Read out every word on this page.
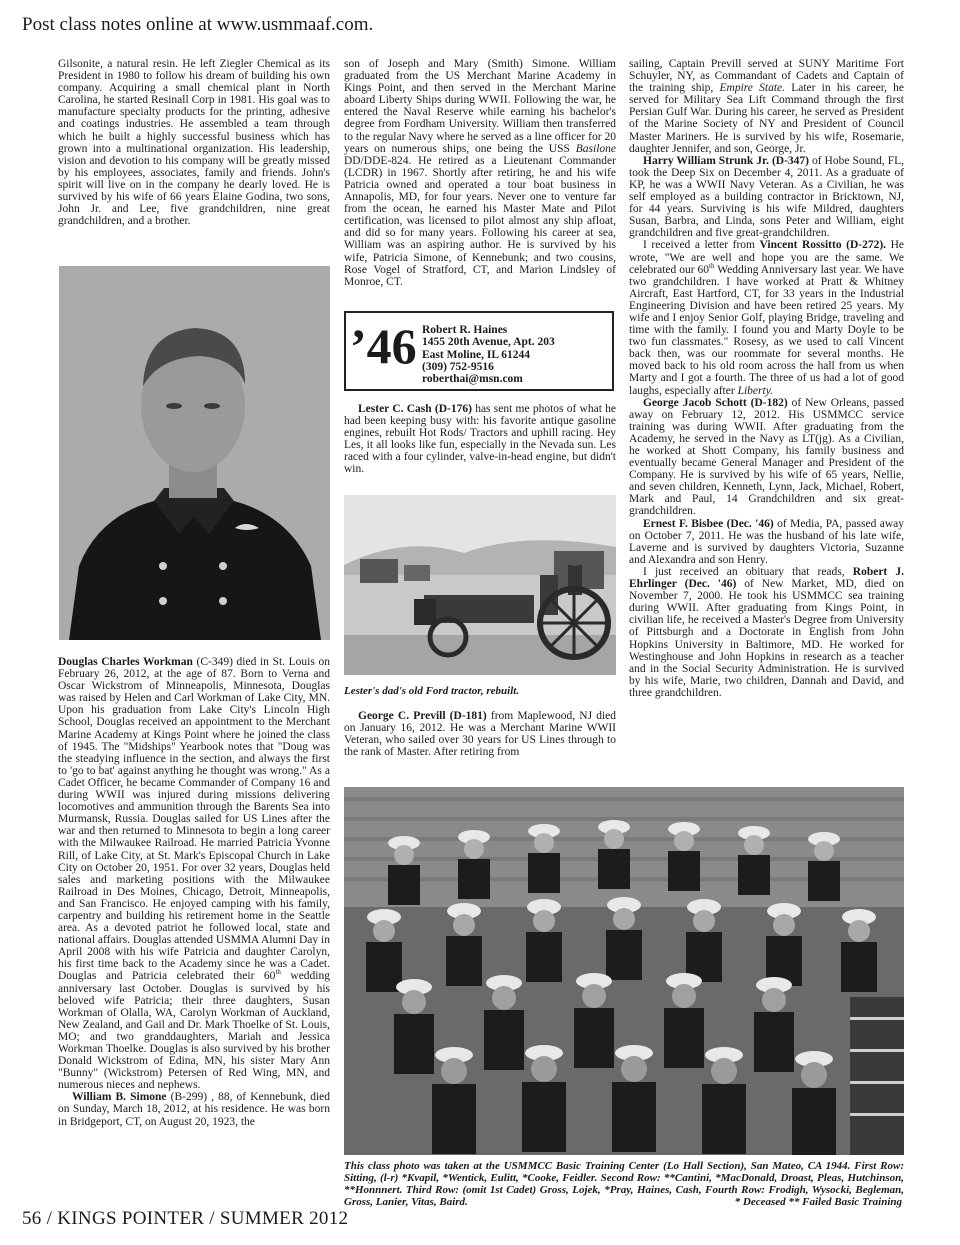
Post class notes online at www.usmmaaf.com.

Gilsonite, a natural resin. He left Ziegler Chemical as its President in 1980 to follow his dream of building his own company. Acquiring a small chemical plant in North Carolina, he started Resinall Corp in 1981. His goal was to manufacture specialty products for the printing, adhesive and coatings industries. He assembled a team through which he built a highly successful business which has grown into a multinational organization. His leadership, vision and devotion to his company will be greatly missed by his employees, associates, family and friends. John's spirit will live on in the company he dearly loved. He is survived by his wife of 66 years Elaine Godina, two sons, John Jr. and Lee, five grandchildren, nine great grandchildren, and a brother.

Douglas Charles Workman (C-349) died in St. Louis on February 26, 2012, at the age of 87. Born to Verna and Oscar Wickstrom of Minneapolis, Minnesota, Douglas was raised by Helen and Carl Workman of Lake City, MN. Upon his graduation from Lake City's Lincoln High School, Douglas received an appointment to the Merchant Marine Academy at Kings Point where he joined the class of 1945. The "Midships" Yearbook notes that "Doug was the steadying influence in the section, and always the first to 'go to bat' against anything he thought was wrong." As a Cadet Officer, he became Commander of Company 16 and during WWII was injured during missions delivering locomotives and ammunition through the Barents Sea into Murmansk, Russia. Douglas sailed for US Lines after the war and then returned to Minnesota to begin a long career with the Milwaukee Railroad. He married Patricia Yvonne Rill, of Lake City, at St. Mark's Episcopal Church in Lake City on October 20, 1951. For over 32 years, Douglas held sales and marketing positions with the Milwaukee Railroad in Des Moines, Chicago, Detroit, Minneapolis, and San Francisco. He enjoyed camping with his family, carpentry and building his retirement home in the Seattle area. As a devoted patriot he followed local, state and national affairs. Douglas attended USMMA Alumni Day in April 2008 with his wife Patricia and daughter Carolyn, his first time back to the Academy since he was a Cadet. Douglas and Patricia celebrated their 60th wedding anniversary last October. Douglas is survived by his beloved wife Patricia; their three daughters, Susan Workman of Olalla, WA, Carolyn Workman of Auckland, New Zealand, and Gail and Dr. Mark Thoelke of St. Louis, MO; and two granddaughters, Mariah and Jessica Workman Thoelke. Douglas is also survived by his brother Donald Wickstrom of Edina, MN, his sister Mary Ann "Bunny" (Wickstrom) Petersen of Red Wing, MN, and numerous nieces and nephews.

William B. Simone (B-299) , 88, of Kennebunk, died on Sunday, March 18, 2012, at his residence. He was born in Bridgeport, CT, on August 20, 1923, the

son of Joseph and Mary (Smith) Simone. William graduated from the US Merchant Marine Academy in Kings Point, and then served in the Merchant Marine aboard Liberty Ships during WWII. Following the war, he entered the Naval Reserve while earning his bachelor's degree from Fordham University. William then transferred to the regular Navy where he served as a line officer for 20 years on numerous ships, one being the USS Basilone DD/DDE-824. He retired as a Lieutenant Commander (LCDR) in 1967. Shortly after retiring, he and his wife Patricia owned and operated a tour boat business in Annapolis, MD, for four years. Never one to venture far from the ocean, he earned his Master Mate and Pilot certification, was licensed to pilot almost any ship afloat, and did so for many years. Following his career at sea, William was an aspiring author. He is survived by his wife, Patricia Simone, of Kennebunk; and two cousins, Rose Vogel of Stratford, CT, and Marion Lindsley of Monroe, CT.

’46 Robert R. Haines
1455 20th Avenue, Apt. 203
East Moline, IL 61244
(309) 752-9516
roberthai@msn.com

Lester C. Cash (D-176) has sent me photos of what he had been keeping busy with: his favorite antique gasoline engines, rebuilt Hot Rods/ Tractors and uphill racing. Hey Les, it all looks like fun, especially in the Nevada sun. Les raced with a four cylinder, valve-in-head engine, but didn't win.

Lester's dad's old Ford tractor, rebuilt.

George C. Previll (D-181) from Maplewood, NJ died on January 16, 2012. He was a Merchant Marine WWII Veteran, who sailed over 30 years for US Lines through to the rank of Master. After retiring from

sailing, Captain Previll served at SUNY Maritime Fort Schuyler, NY, as Commandant of Cadets and Captain of the training ship, Empire State. Later in his career, he served for Military Sea Lift Command through the first Persian Gulf War. During his career, he served as President of the Marine Society of NY and President of Council Master Mariners. He is survived by his wife, Rosemarie, daughter Jennifer, and son, George, Jr.

Harry William Strunk Jr. (D-347) of Hobe Sound, FL, took the Deep Six on December 4, 2011. As a graduate of KP, he was a WWII Navy Veteran. As a Civilian, he was self employed as a building contractor in Bricktown, NJ, for 44 years. Surviving is his wife Mildred, daughters Susan, Barbra, and Linda, sons Peter and William, eight grandchildren and five great-grandchildren.

I received a letter from Vincent Rossitto (D-272). He wrote, "We are well and hope you are the same. We celebrated our 60th Wedding Anniversary last year. We have two grandchildren. I have worked at Pratt & Whitney Aircraft, East Hartford, CT, for 33 years in the Industrial Engineering Division and have been retired 25 years. My wife and I enjoy Senior Golf, playing Bridge, traveling and time with the family. I found you and Marty Doyle to be two fun classmates." Rosesy, as we used to call Vincent back then, was our roommate for several months. He moved back to his old room across the hall from us when Marty and I got a fourth. The three of us had a lot of good laughs, especially after Liberty.

George Jacob Schott (D-182) of New Orleans, passed away on February 12, 2012. His USMMCC service training was during WWII. After graduating from the Academy, he served in the Navy as LT(jg). As a Civilian, he worked at Shott Company, his family business and eventually became General Manager and President of the Company. He is survived by his wife of 65 years, Nellie, and seven children, Kenneth, Lynn, Jack, Michael, Robert, Mark and Paul, 14 Grandchildren and six great-grandchildren.

Ernest F. Bisbee (Dec. '46) of Media, PA, passed away on October 7, 2011. He was the husband of his late wife, Laverne and is survived by daughters Victoria, Suzanne and Alexandra and son Henry.

I just received an obituary that reads, Robert J. Ehrlinger (Dec. '46) of New Market, MD, died on November 7, 2000. He took his USMMCC sea training during WWII. After graduating from Kings Point, in civilian life, he received a Master's Degree from University of Pittsburgh and a Doctorate in English from John Hopkins University in Baltimore, MD. He worked for Westinghouse and John Hopkins in research as a teacher and in the Social Security Administration. He is survived by his wife, Marie, two children, Dannah and David, and three grandchildren.

This class photo was taken at the USMMCC Basic Training Center (Lo Hall Section), San Mateo, CA 1944. First Row: Sitting, (l-r) *Kvapil, *Wentick, Eulitt, *Cooke, Feidler. Second Row: **Cantini, *MacDonald, Droast, Pleas, Hutchinson, **Honnnert. Third Row: (omit 1st Cadet) Gross, Lojek, *Pray, Haines, Cash, Fourth Row: Frodigh, Wysocki, Begleman, Gross, Lanier, Vitas, Baird.	* Deceased ** Failed Basic Training
56 / KINGS POINTER / SUMMER 2012
